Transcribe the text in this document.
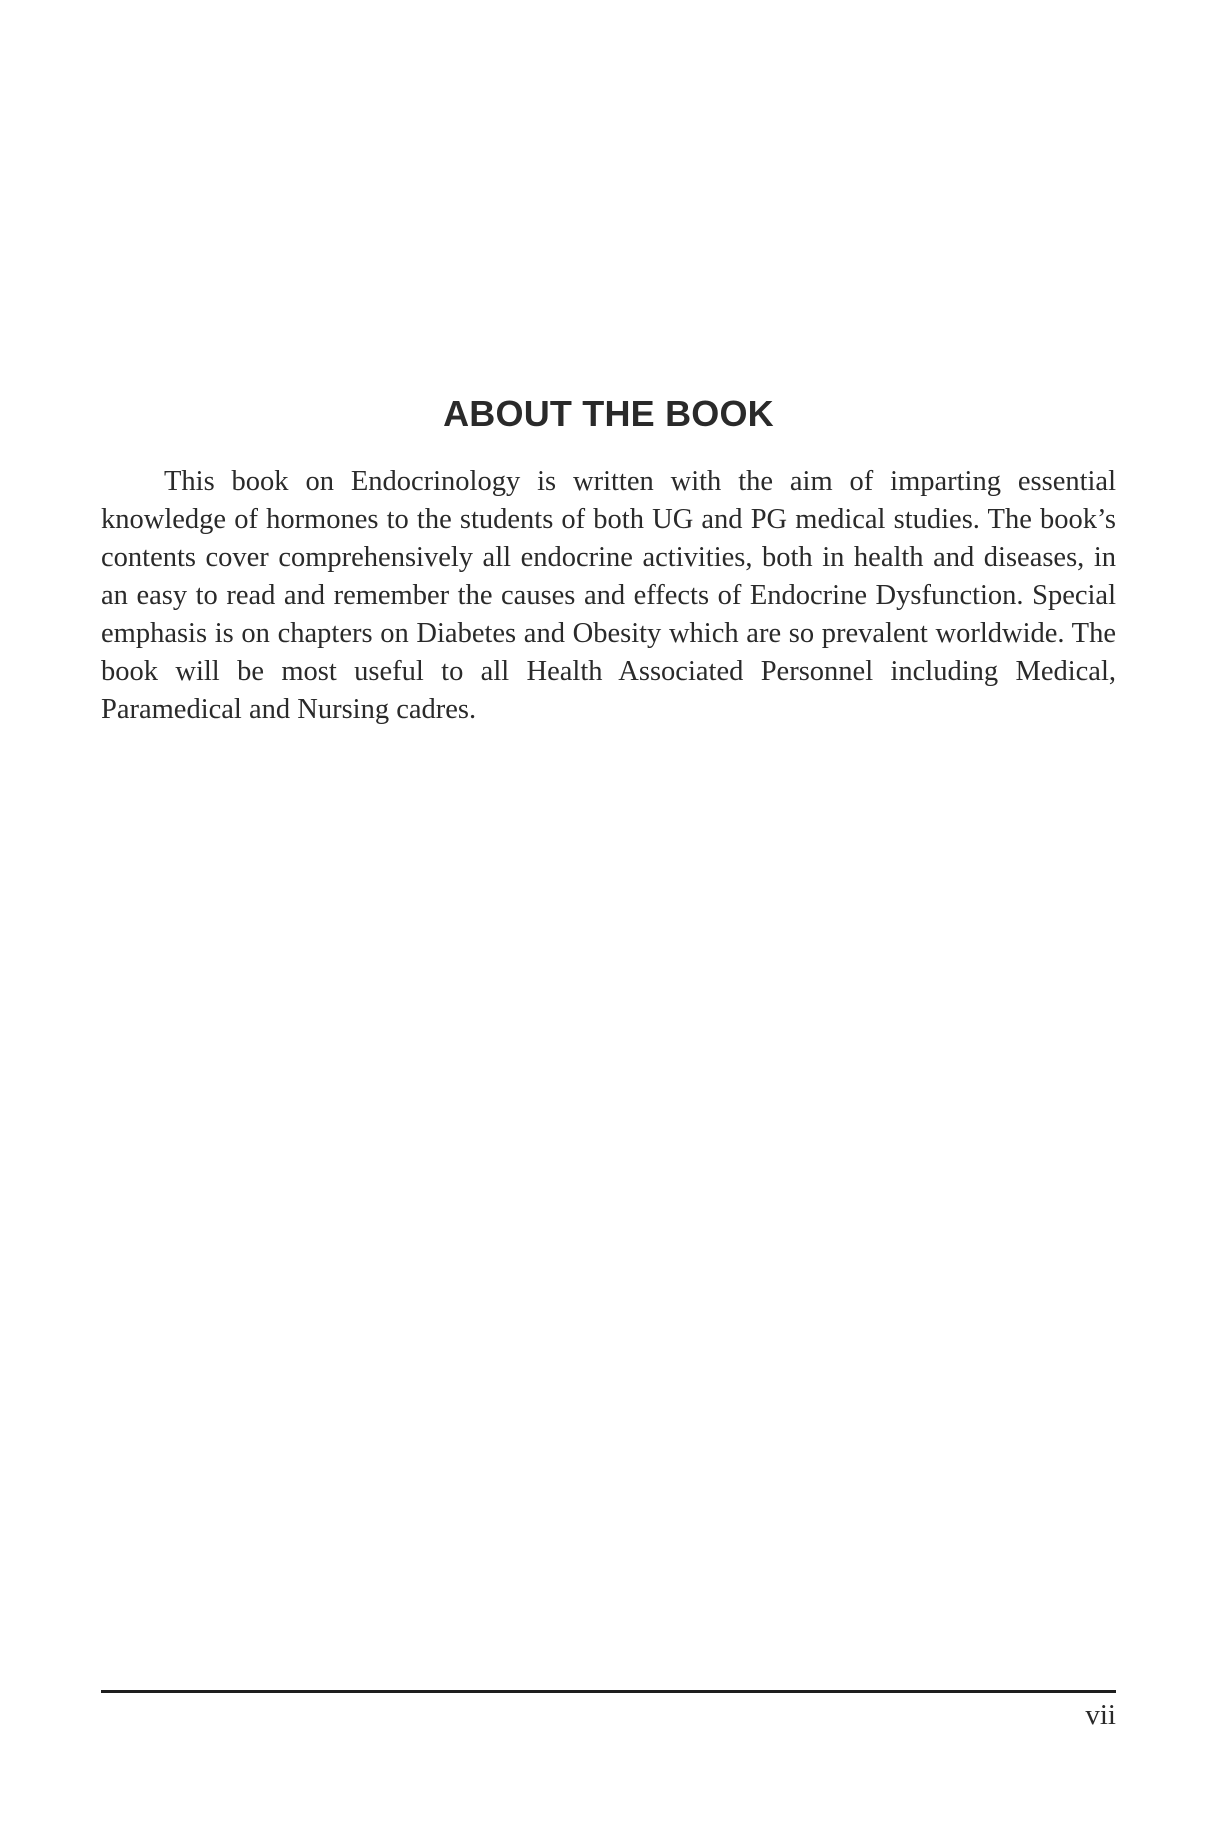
ABOUT THE BOOK

This book on Endocrinology is written with the aim of imparting essential knowledge of hormones to the students of both UG and PG medical studies. The book’s contents cover comprehensively all endocrine activities, both in health and diseases, in an easy to read and remember the causes and effects of Endocrine Dysfunction. Special emphasis is on chapters on Diabetes and Obesity which are so prevalent worldwide. The book will be most useful to all Health Associated Personnel including Medical, Paramedical and Nursing cadres.

vii
